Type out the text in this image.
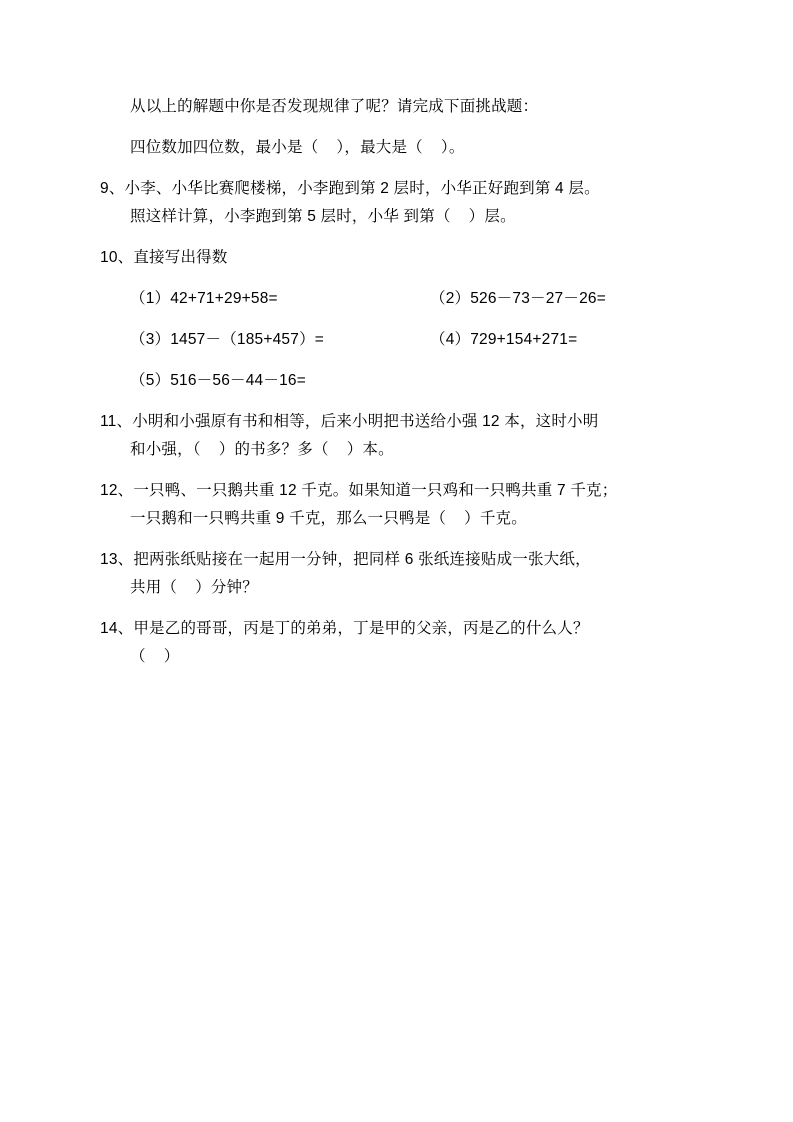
从以上的解题中你是否发现规律了呢？请完成下面挑战题：

四位数加四位数，最小是（    ），最大是（    ）。

9、小李、小华比赛爬楼梯，小李跑到第 2 层时，小华正好跑到第 4 层。

照这样计算，小李跑到第 5 层时，小华 到第（    ）层。

10、直接写出得数

（1）42+71+29+58=	（2）526－73－27－26=
（3）1457－（185+457）=	（4）729+154+271=
（5）516－56－44－16=

11、小明和小强原有书和相等，后来小明把书送给小强 12 本，这时小明

和小强，（    ）的书多？多（    ）本。

12、一只鸭、一只鹅共重 12 千克。如果知道一只鸡和一只鸭共重 7 千克；

一只鹅和一只鸭共重 9 千克，那么一只鸭是（    ）千克。

13、把两张纸贴接在一起用一分钟，把同样 6 张纸连接贴成一张大纸，

共用（    ）分钟？

14、甲是乙的哥哥，丙是丁的弟弟，丁是甲的父亲，丙是乙的什么人？

（    ）
